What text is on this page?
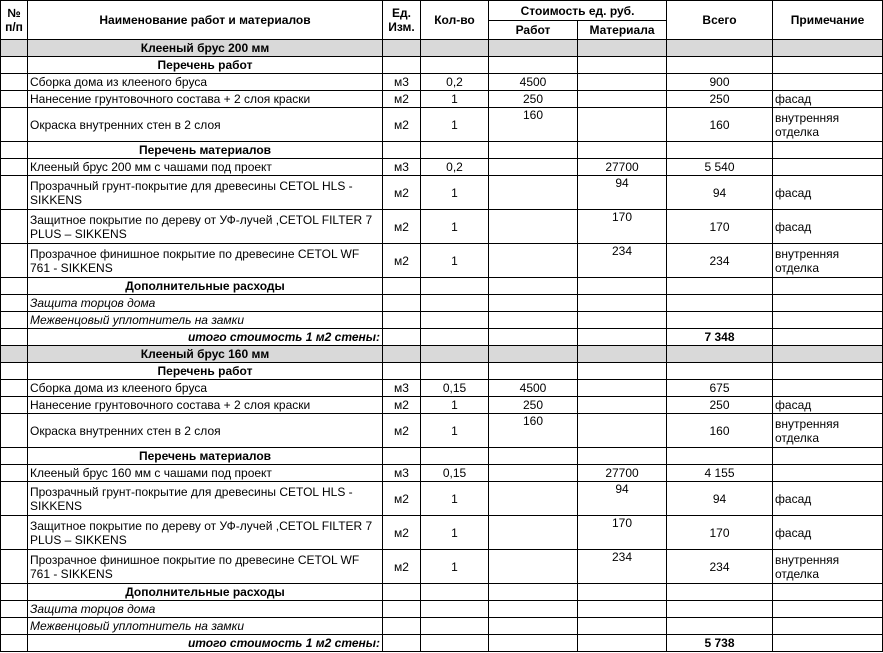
№ п/п	Наименование работ и материалов	Ед. Изм.	Кол-во	Стоимость ед. руб.		Всего	Примечание
				Работ	Материала		
	Клееный брус 200 мм						
	Перечень работ						
	Сборка дома из клееного бруса	м3	0,2	4500		900	
	Нанесение грунтовочного состава + 2 слоя краски	м2	1	250		250	фасад
	Окраска внутренних стен в 2 слоя	м2	1	160		160	внутренняя отделка
	Перечень материалов						
	Клееный брус 200 мм с чашами под проект	м3	0,2		27700	5 540	
	Прозрачный грунт-покрытие для древесины CETOL HLS - SIKKENS	м2	1		94	94	фасад
	Защитное покрытие по дереву от УФ-лучей ,CETOL FILTER 7 PLUS – SIKKENS	м2	1		170	170	фасад
	Прозрачное финишное покрытие по древесине CETOL WF 761 - SIKKENS	м2	1		234	234	внутренняя отделка
	Дополнительные расходы						
	Защита торцов дома						
	Межвенцовый уплотнитель на замки						
	итого стоимость 1 м2 стены:					7 348	
	Клееный брус 160 мм						
	Перечень работ						
	Сборка дома из клееного бруса	м3	0,15	4500		675	
	Нанесение грунтовочного состава + 2 слоя краски	м2	1	250		250	фасад
	Окраска внутренних стен в 2 слоя	м2	1	160		160	внутренняя отделка
	Перечень материалов						
	Клееный брус 160 мм с чашами под проект	м3	0,15		27700	4 155	
	Прозрачный грунт-покрытие для древесины CETOL HLS - SIKKENS	м2	1		94	94	фасад
	Защитное покрытие по дереву от УФ-лучей ,CETOL FILTER 7 PLUS – SIKKENS	м2	1		170	170	фасад
	Прозрачное финишное покрытие по древесине CETOL WF 761 - SIKKENS	м2	1		234	234	внутренняя отделка
	Дополнительные расходы						
	Защита торцов дома						
	Межвенцовый уплотнитель на замки						
	итого стоимость 1 м2 стены:					5 738	
